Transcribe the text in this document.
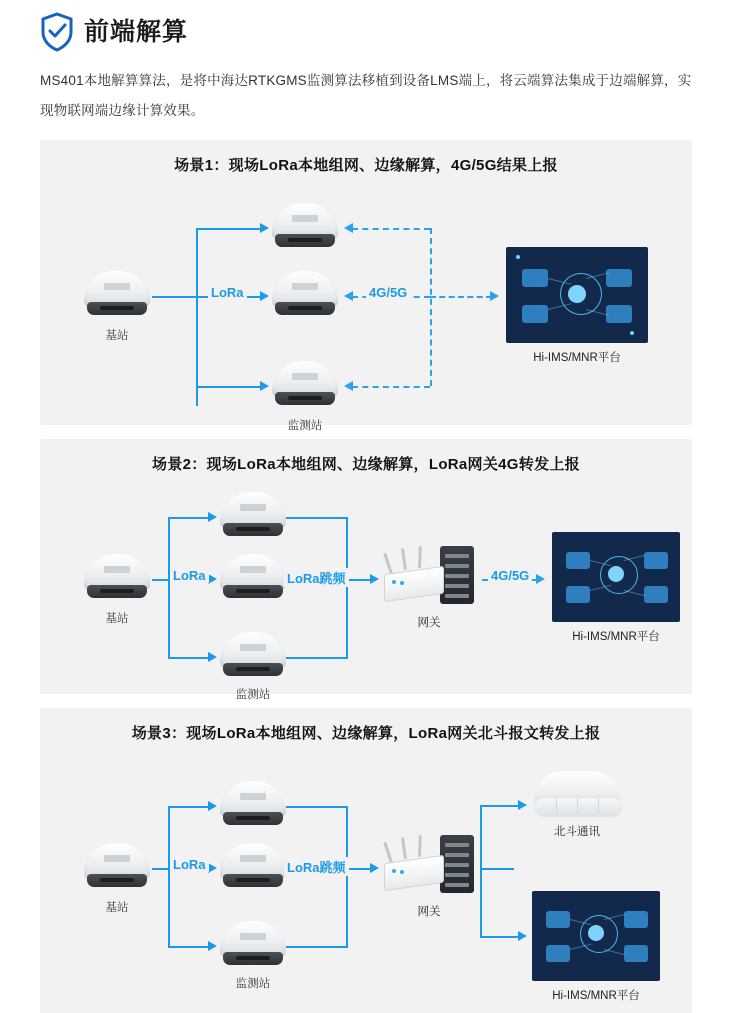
前端解算
MS401本地解算算法，是将中海达RTKGMS监测算法移植到设备LMS端上，将云端算法集成于边端解算，实现物联网端边缘计算效果。
场景1：现场LoRa本地组网、边缘解算，4G/5G结果上报
基站
监测站
LoRa	4G/5G
Hi-IMS/MNR平台
场景2：现场LoRa本地组网、边缘解算，LoRa网关4G转发上报
基站
监测站
LoRa	LoRa跳频
网关
4G/5G
Hi-IMS/MNR平台
场景3：现场LoRa本地组网、边缘解算，LoRa网关北斗报文转发上报
基站
监测站
LoRa	LoRa跳频
网关
北斗通讯
Hi-IMS/MNR平台
